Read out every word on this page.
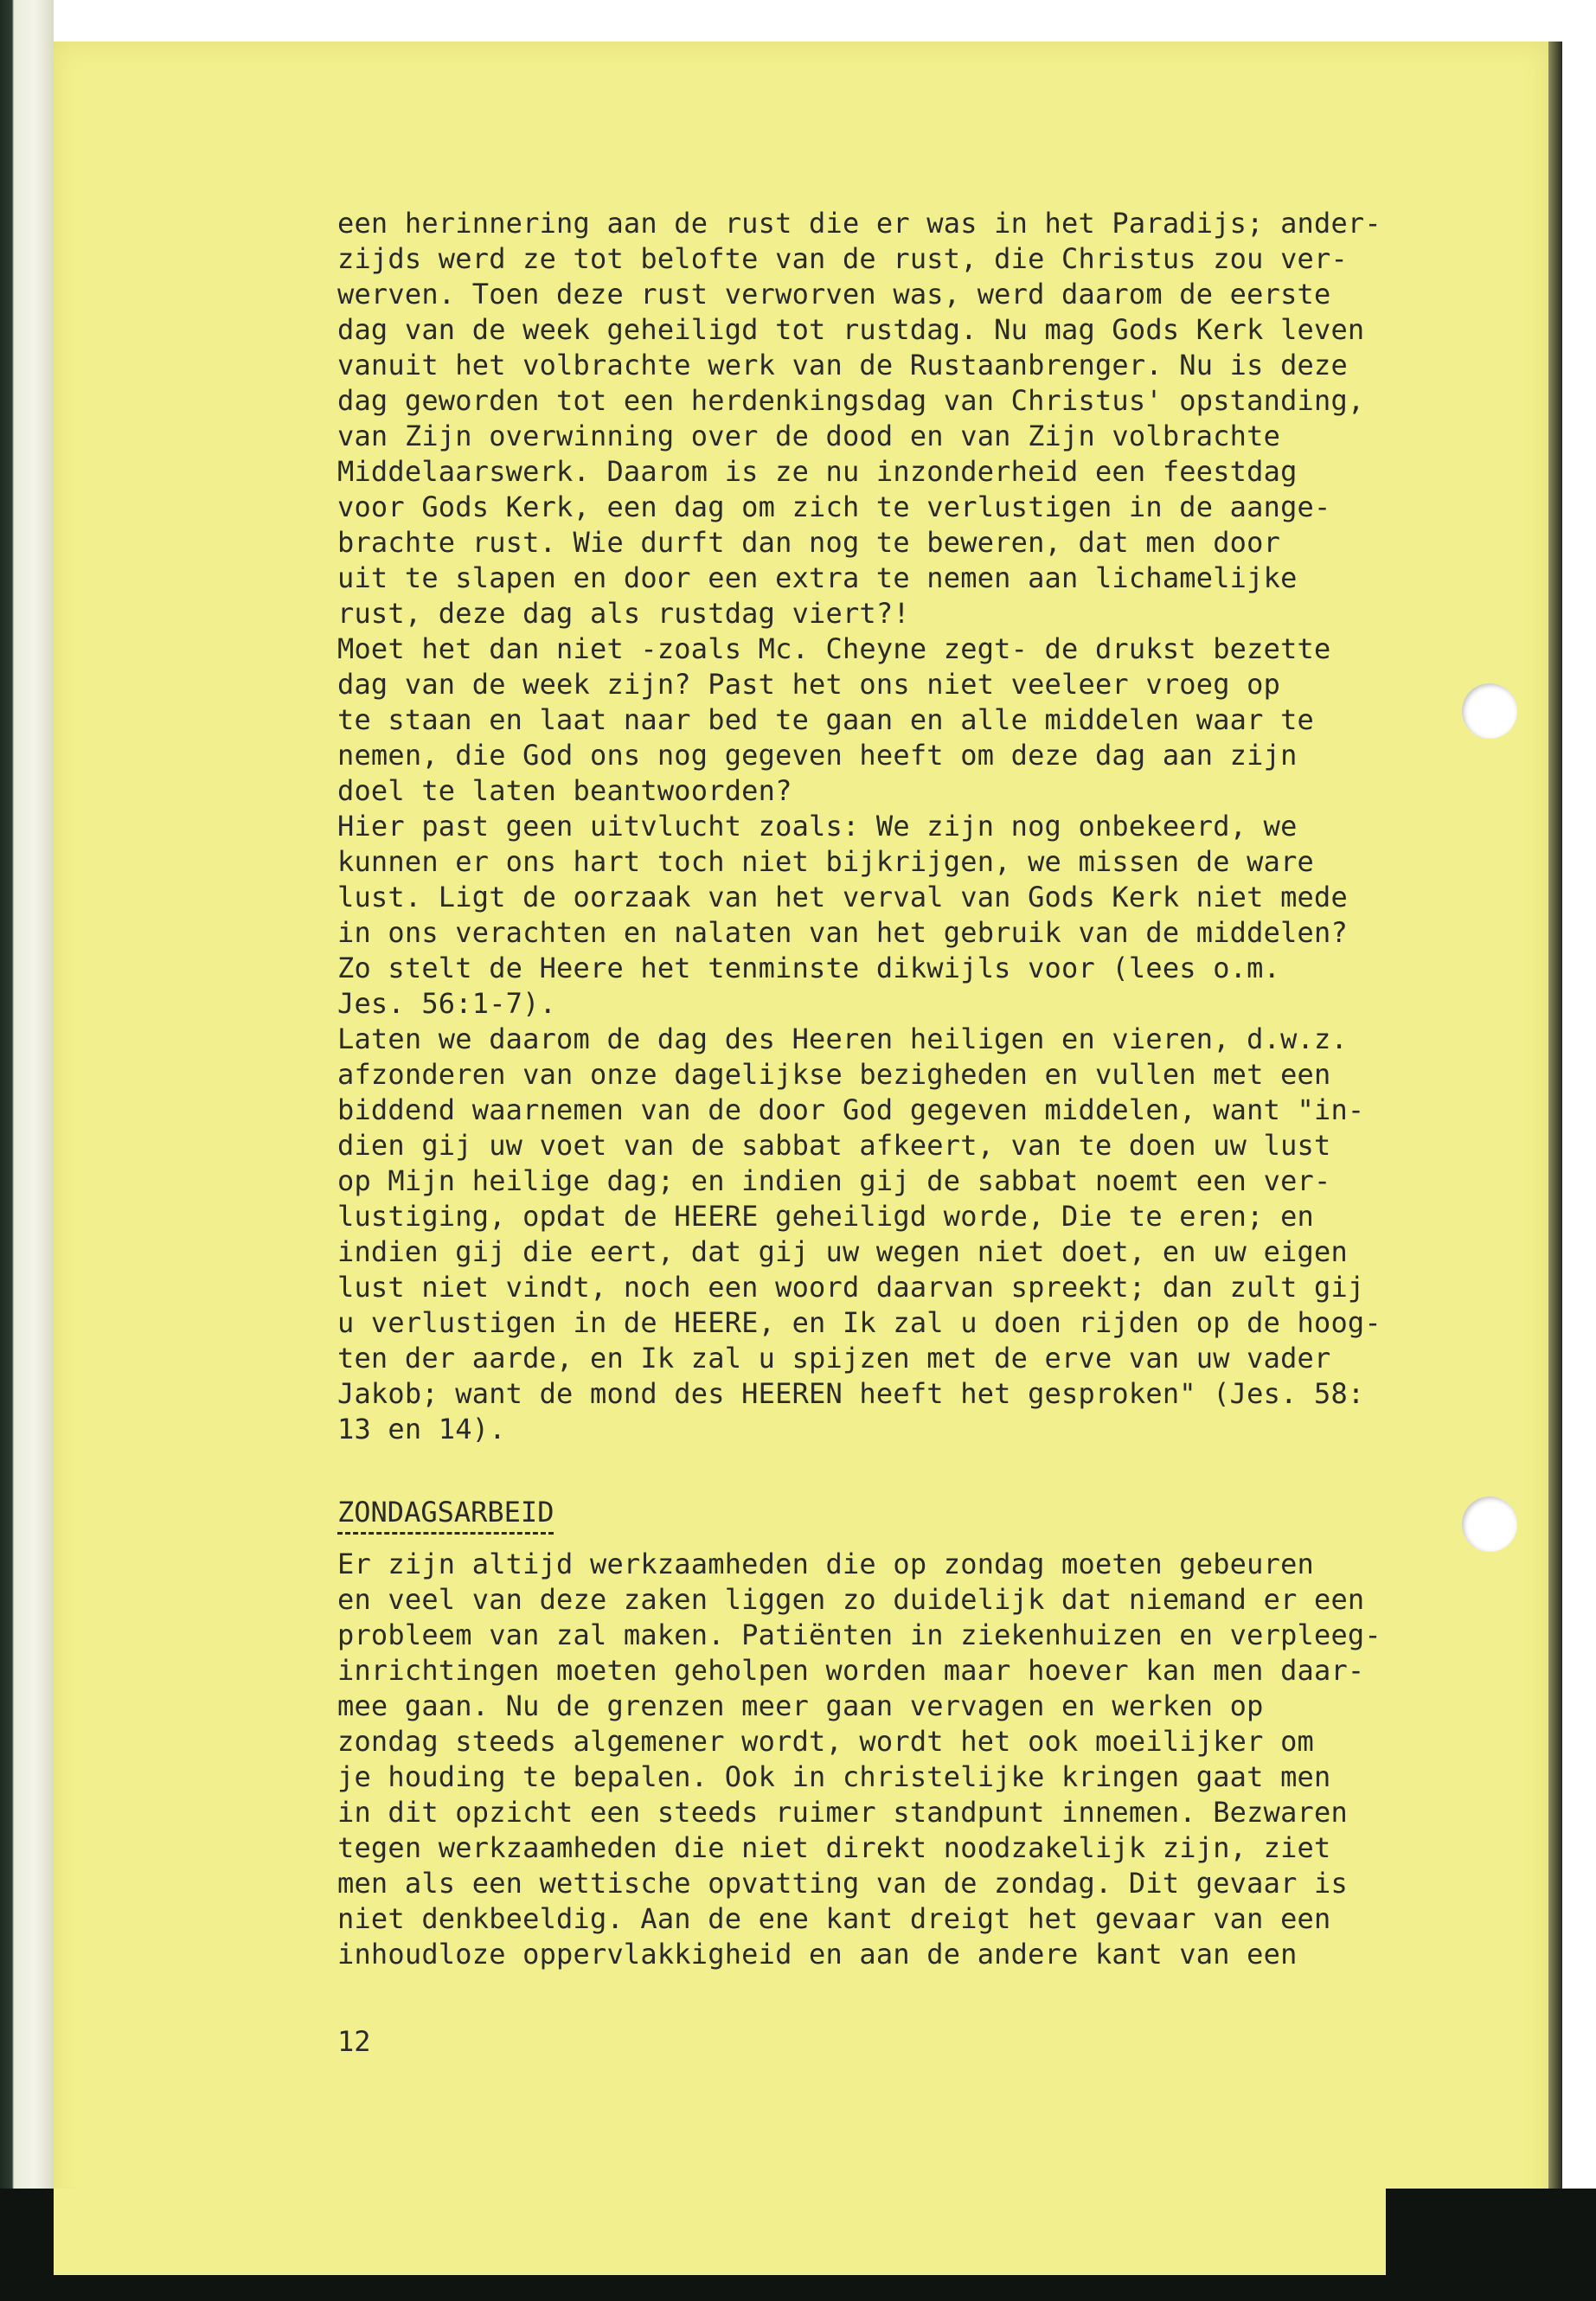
een herinnering aan de rust die er was in het Paradijs; ander-
zijds werd ze tot belofte van de rust, die Christus zou ver-
werven. Toen deze rust verworven was, werd daarom de eerste
dag van de week geheiligd tot rustdag. Nu mag Gods Kerk leven
vanuit het volbrachte werk van de Rustaanbrenger. Nu is deze
dag geworden tot een herdenkingsdag van Christus' opstanding,
van Zijn overwinning over de dood en van Zijn volbrachte
Middelaarswerk. Daarom is ze nu inzonderheid een feestdag
voor Gods Kerk, een dag om zich te verlustigen in de aange-
brachte rust. Wie durft dan nog te beweren, dat men door
uit te slapen en door een extra te nemen aan lichamelijke
rust, deze dag als rustdag viert?!
Moet het dan niet -zoals Mc. Cheyne zegt- de drukst bezette
dag van de week zijn? Past het ons niet veeleer vroeg op
te staan en laat naar bed te gaan en alle middelen waar te
nemen, die God ons nog gegeven heeft om deze dag aan zijn
doel te laten beantwoorden?
Hier past geen uitvlucht zoals: We zijn nog onbekeerd, we
kunnen er ons hart toch niet bijkrijgen, we missen de ware
lust. Ligt de oorzaak van het verval van Gods Kerk niet mede
in ons verachten en nalaten van het gebruik van de middelen?
Zo stelt de Heere het tenminste dikwijls voor (lees o.m.
Jes. 56:1-7).
Laten we daarom de dag des Heeren heiligen en vieren, d.w.z.
afzonderen van onze dagelijkse bezigheden en vullen met een
biddend waarnemen van de door God gegeven middelen, want "in-
dien gij uw voet van de sabbat afkeert, van te doen uw lust
op Mijn heilige dag; en indien gij de sabbat noemt een ver-
lustiging, opdat de HEERE geheiligd worde, Die te eren; en
indien gij die eert, dat gij uw wegen niet doet, en uw eigen
lust niet vindt, noch een woord daarvan spreekt; dan zult gij
u verlustigen in de HEERE, en Ik zal u doen rijden op de hoog-
ten der aarde, en Ik zal u spijzen met de erve van uw vader
Jakob; want de mond des HEEREN heeft het gesproken" (Jes. 58:
13 en 14).
ZONDAGSARBEID
Er zijn altijd werkzaamheden die op zondag moeten gebeuren
en veel van deze zaken liggen zo duidelijk dat niemand er een
probleem van zal maken. Patiënten in ziekenhuizen en verpleeg-
inrichtingen moeten geholpen worden maar hoever kan men daar-
mee gaan. Nu de grenzen meer gaan vervagen en werken op
zondag steeds algemener wordt, wordt het ook moeilijker om
je houding te bepalen. Ook in christelijke kringen gaat men
in dit opzicht een steeds ruimer standpunt innemen. Bezwaren
tegen werkzaamheden die niet direkt noodzakelijk zijn, ziet
men als een wettische opvatting van de zondag. Dit gevaar is
niet denkbeeldig. Aan de ene kant dreigt het gevaar van een
inhoudloze oppervlakkigheid en aan de andere kant van een
12
